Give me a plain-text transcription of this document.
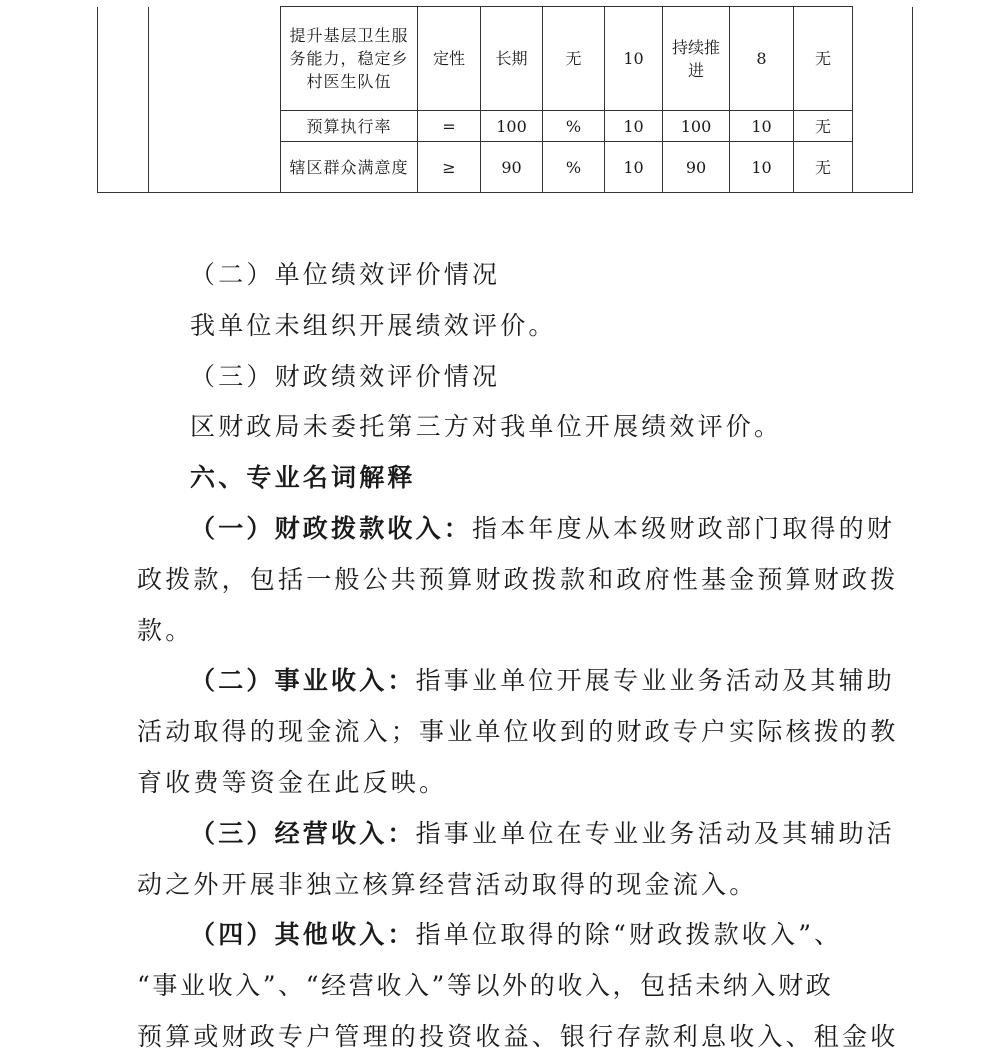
		提升基层卫生服务能力，稳定乡村医生队伍	定性	长期	无	10	持续推进	8	无	
		预算执行率	=	100	%	10	100	10	无	
		辖区群众满意度	≥	90	%	10	90	10	无	
（二）单位绩效评价情况
我单位未组织开展绩效评价。
（三）财政绩效评价情况
区财政局未委托第三方对我单位开展绩效评价。
六、专业名词解释
（一）财政拨款收入：指本年度从本级财政部门取得的财
政拨款，包括一般公共预算财政拨款和政府性基金预算财政拨
款。
（二）事业收入：指事业单位开展专业业务活动及其辅助
活动取得的现金流入；事业单位收到的财政专户实际核拨的教
育收费等资金在此反映。
（三）经营收入：指事业单位在专业业务活动及其辅助活
动之外开展非独立核算经营活动取得的现金流入。
（四）其他收入：指单位取得的除“财政拨款收入”、
“事业收入”、“经营收入”等以外的收入，包括未纳入财政
预算或财政专户管理的投资收益、银行存款利息收入、租金收
